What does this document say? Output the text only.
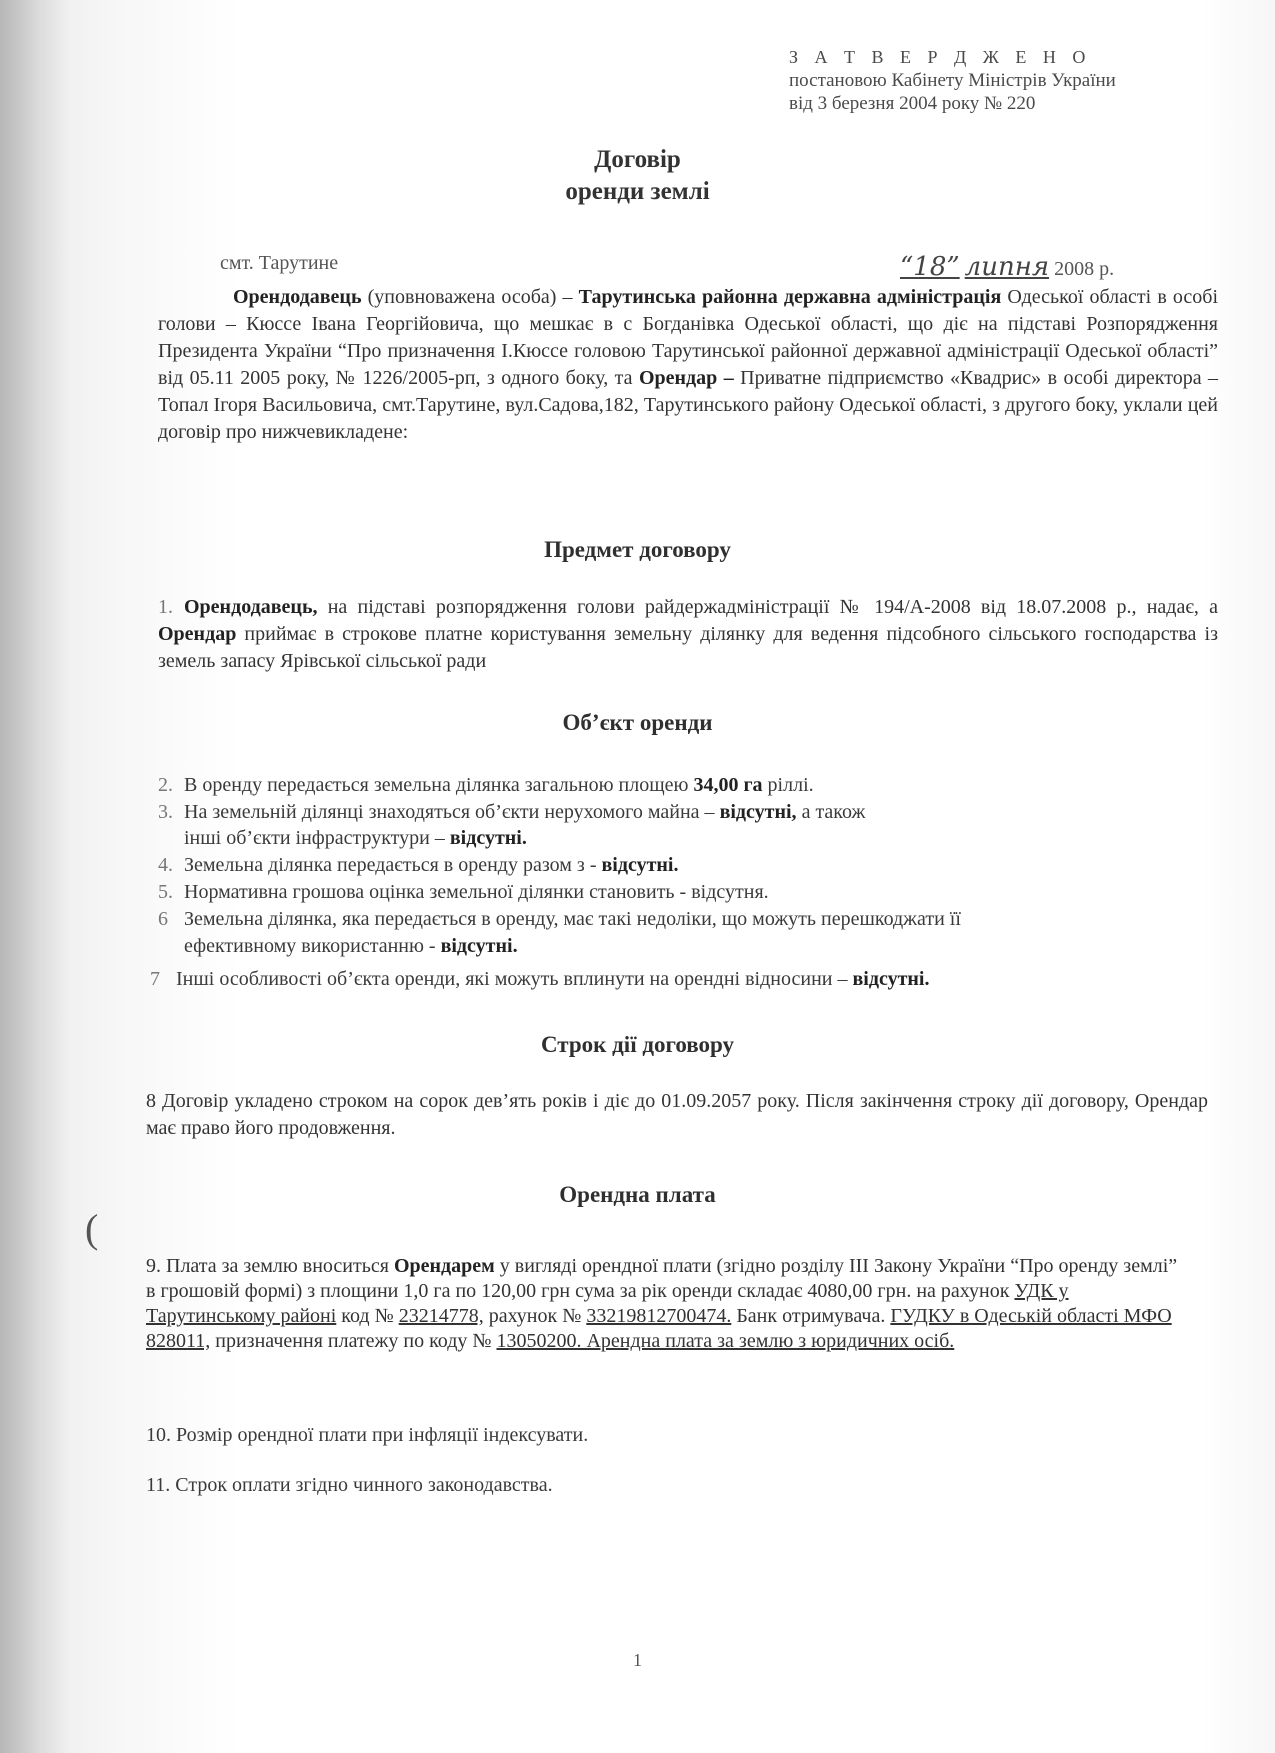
З А Т В Е Р Д Ж Е Н О
постановою Кабінету Міністрів України
від 3 березня 2004 року № 220
Договір
оренди землі
смт. Тарутине	“18” липня 2008 р.
Орендодавець (уповноважена особа) – Тарутинська районна державна адміністрація Одеської області в особі голови – Кюссе Івана Георгійовича, що мешкає в с Богданівка Одеської області, що діє на підставі Розпорядження Президента України “Про призначення І.Кюссе головою Тарутинської районної державної адміністрації Одеської області” від 05.11 2005 року, № 1226/2005-рп, з одного боку, та Орендар – Приватне підприємство «Квадрис» в особі директора – Топал Ігоря Васильовича, смт.Тарутине, вул.Садова,182, Тарутинського району Одеської області, з другого боку, уклали цей договір про нижчевикладене:
Предмет договору
1. Орендодавець, на підставі розпорядження голови райдержадміністрації № 194/А-2008 від 18.07.2008 р., надає, а Орендар приймає в строкове платне користування земельну ділянку для ведення підсобного сільського господарства із земель запасу Ярівської сільської ради
Об’єкт оренди
2. В оренду передається земельна ділянка загальною площею 34,00 га ріллі.
3. На земельній ділянці знаходяться об’єкти нерухомого майна – відсутні, а також
інші об’єкти інфраструктури – відсутні.
4. Земельна ділянка передається в оренду разом з - відсутні.
5. Нормативна грошова оцінка земельної ділянки становить - відсутня.
6 Земельна ділянка, яка передається в оренду, має такі недоліки, що можуть перешкоджати її
ефективному використанню - відсутні.
7 Інші особливості об’єкта оренди, які можуть вплинути на орендні відносини – відсутні.
Строк дії договору
8 Договір укладено строком на сорок дев’ять років і діє до 01.09.2057 року. Після закінчення строку дії договору, Орендар має право його продовження.
Орендна плата
9. Плата за землю вноситься Орендарем у вигляді орендної плати (згідно розділу ІІІ Закону України “Про оренду землі” в грошовій формі) з площини 1,0 га по 120,00 грн сума за рік оренди складає 4080,00 грн. на рахунок УДК у Тарутинському районі код № 23214778, рахунок № 33219812700474. Банк отримувача. ГУДКУ в Одеській області МФО 828011, призначення платежу по коду № 13050200. Арендна плата за землю з юридичних осіб.
10. Розмір орендної плати при інфляції індексувати.
11. Строк оплати згідно чинного законодавства.
(
1
